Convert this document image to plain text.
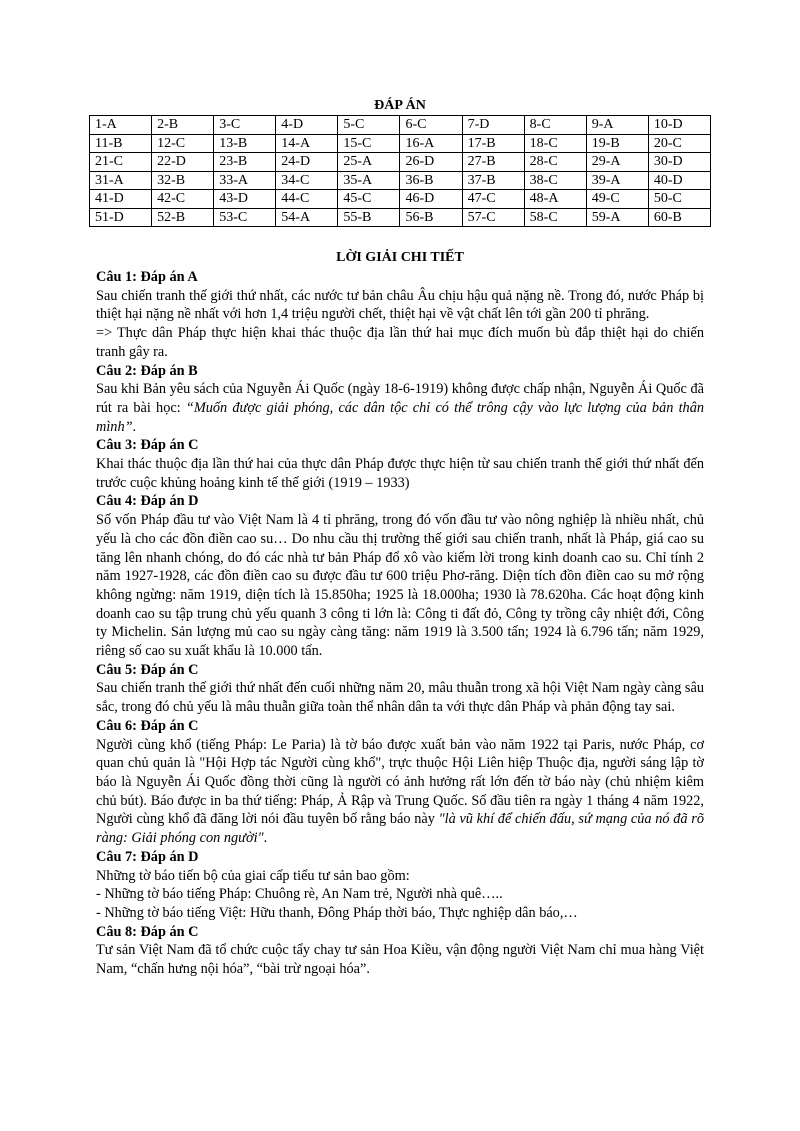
ĐÁP ÁN
1-A	2-B	3-C	4-D	5-C	6-C	7-D	8-C	9-A	10-D
11-B	12-C	13-B	14-A	15-C	16-A	17-B	18-C	19-B	20-C
21-C	22-D	23-B	24-D	25-A	26-D	27-B	28-C	29-A	30-D
31-A	32-B	33-A	34-C	35-A	36-B	37-B	38-C	39-A	40-D
41-D	42-C	43-D	44-C	45-C	46-D	47-C	48-A	49-C	50-C
51-D	52-B	53-C	54-A	55-B	56-B	57-C	58-C	59-A	60-B
LỜI GIẢI CHI TIẾT
Câu 1: Đáp án A
Sau chiến tranh thế giới thứ nhất, các nước tư bản châu Âu chịu hậu quả nặng nề. Trong đó, nước Pháp bị thiệt hại nặng nề nhất với hơn 1,4 triệu người chết, thiệt hại về vật chất lên tới gần 200 tỉ phrăng.
=> Thực dân Pháp thực hiện khai thác thuộc địa lần thứ hai mục đích muốn bù đắp thiệt hại do chiến tranh gây ra.
Câu 2: Đáp án B
Sau khi Bản yêu sách của Nguyễn Ái Quốc (ngày 18-6-1919) không được chấp nhận, Nguyễn Ái Quốc đã rút ra bài học: “Muốn được giải phóng, các dân tộc chỉ có thể trông cậy vào lực lượng của bản thân mình”.
Câu 3: Đáp án C
Khai thác thuộc địa lần thứ hai của thực dân Pháp được thực hiện từ sau chiến tranh thế giới thứ nhất đến trước cuộc khủng hoảng kinh tế thế giới (1919 – 1933)
Câu 4: Đáp án D
Số vốn Pháp đầu tư vào Việt Nam là 4 tỉ phrăng, trong đó vốn đầu tư vào nông nghiệp là nhiều nhất, chủ yếu là cho các đồn điền cao su… Do nhu cầu thị trường thế giới sau chiến tranh, nhất là Pháp, giá cao su tăng lên nhanh chóng, do đó các nhà tư bản Pháp đổ xô vào kiếm lời trong kinh doanh cao su. Chỉ tính 2 năm 1927-1928, các đồn điền cao su được đầu tư 600 triệu Phơ-răng. Diện tích đồn điền cao su mở rộng không ngừng: năm 1919, diện tích là 15.850ha; 1925 là 18.000ha; 1930 là 78.620ha. Các hoạt động kinh doanh cao su tập trung chủ yếu quanh 3 công ti lớn là: Công ti đất đỏ, Công ty trồng cây nhiệt đới, Công ty Michelin. Sản lượng mủ cao su ngày càng tăng: năm 1919 là 3.500 tấn; 1924 là 6.796 tấn; năm 1929, riêng số cao su xuất khẩu là 10.000 tấn.
Câu 5: Đáp án C
Sau chiến tranh thế giới thứ nhất đến cuối những năm 20, mâu thuẫn trong xã hội Việt Nam ngày càng sâu sắc, trong đó chủ yếu là mâu thuẫn giữa toàn thể nhân dân ta với thực dân Pháp và phản động tay sai.
Câu 6: Đáp án C
Người cùng khổ (tiếng Pháp: Le Paria) là tờ báo được xuất bản vào năm 1922 tại Paris, nước Pháp, cơ quan chủ quản là "Hội Hợp tác Người cùng khổ", trực thuộc Hội Liên hiệp Thuộc địa, người sáng lập tờ báo là Nguyễn Ái Quốc đồng thời cũng là người có ảnh hưởng rất lớn đến tờ báo này (chủ nhiệm kiêm chủ bút). Báo được in ba thứ tiếng: Pháp, Ả Rập và Trung Quốc. Số đầu tiên ra ngày 1 tháng 4 năm 1922, Người cùng khổ đã đăng lời nói đầu tuyên bố rằng báo này "là vũ khí để chiến đấu, sứ mạng của nó đã rõ ràng: Giải phóng con người".
Câu 7: Đáp án D
Những tờ báo tiến bộ của giai cấp tiểu tư sản bao gồm:
- Những tờ báo tiếng Pháp: Chuông rè, An Nam trẻ, Người nhà quê…..
- Những tờ báo tiếng Việt: Hữu thanh, Đông Pháp thời báo, Thực nghiệp dân báo,…
Câu 8: Đáp án C
Tư sản Việt Nam đã tổ chức cuộc tẩy chay tư sản Hoa Kiều, vận động người Việt Nam chỉ mua hàng Việt Nam, “chấn hưng nội hóa”, “bài trừ ngoại hóa”.
